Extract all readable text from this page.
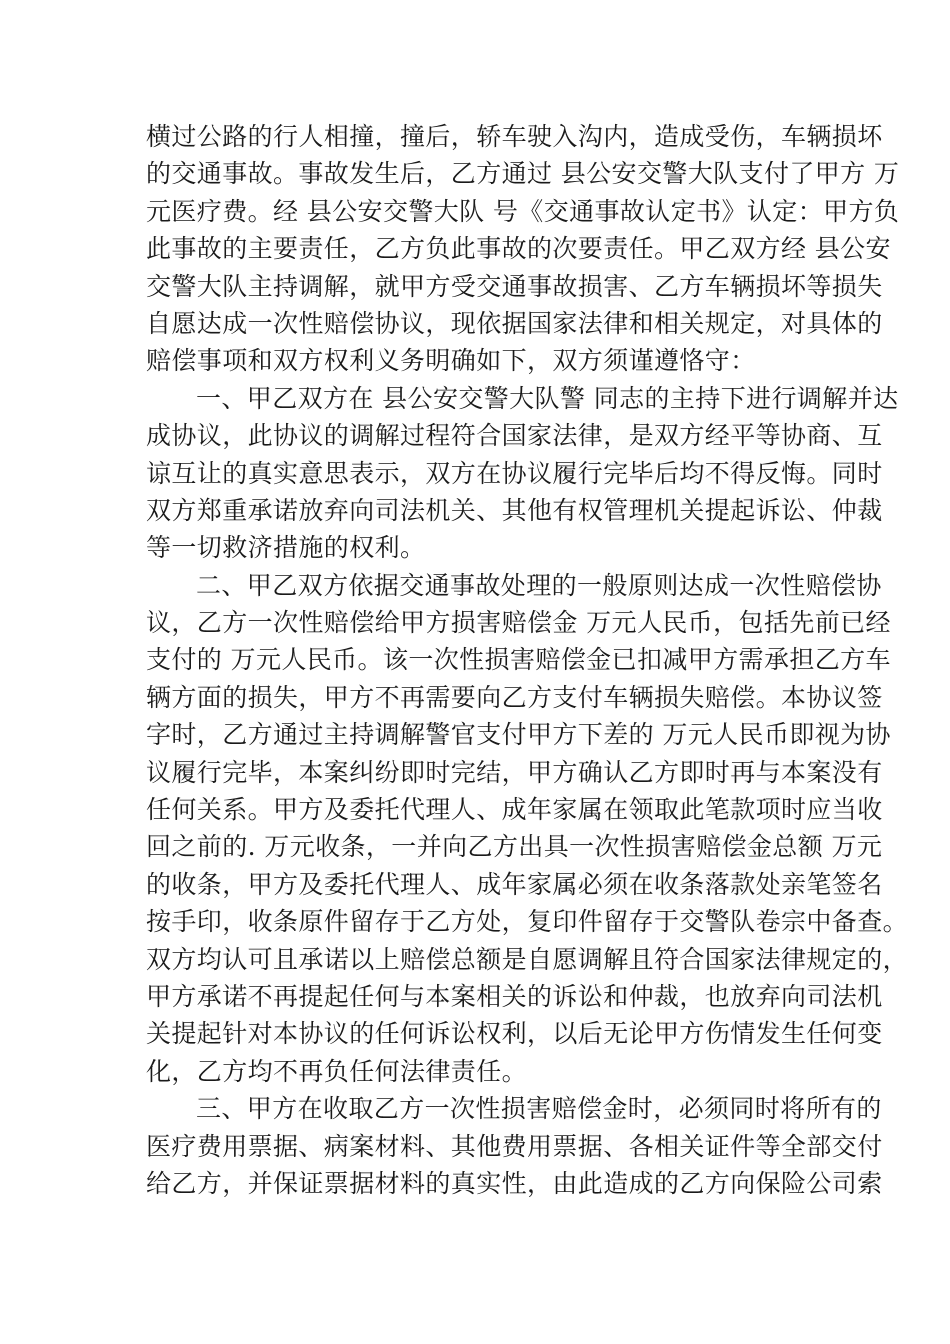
横过公路的行人相撞，撞后，轿车驶入沟内，造成受伤，车辆损坏
的交通事故。事故发生后，乙方通过 县公安交警大队支付了甲方 万
元医疗费。经 县公安交警大队 号《交通事故认定书》认定：甲方负
此事故的主要责任，乙方负此事故的次要责任。甲乙双方经 县公安
交警大队主持调解，就甲方受交通事故损害、乙方车辆损坏等损失
自愿达成一次性赔偿协议，现依据国家法律和相关规定，对具体的
赔偿事项和双方权利义务明确如下，双方须谨遵恪守：
一、甲乙双方在 县公安交警大队警 同志的主持下进行调解并达
成协议，此协议的调解过程符合国家法律，是双方经平等协商、互
谅互让的真实意思表示，双方在协议履行完毕后均不得反悔。同时
双方郑重承诺放弃向司法机关、其他有权管理机关提起诉讼、仲裁
等一切救济措施的权利。
二、甲乙双方依据交通事故处理的一般原则达成一次性赔偿协
议，乙方一次性赔偿给甲方损害赔偿金 万元人民币，包括先前已经
支付的 万元人民币。该一次性损害赔偿金已扣减甲方需承担乙方车
辆方面的损失，甲方不再需要向乙方支付车辆损失赔偿。本协议签
字时，乙方通过主持调解警官支付甲方下差的 万元人民币即视为协
议履行完毕，本案纠纷即时完结，甲方确认乙方即时再与本案没有
任何关系。甲方及委托代理人、成年家属在领取此笔款项时应当收
回之前的. 万元收条，一并向乙方出具一次性损害赔偿金总额 万元
的收条，甲方及委托代理人、成年家属必须在收条落款处亲笔签名
按手印，收条原件留存于乙方处，复印件留存于交警队卷宗中备查。
双方均认可且承诺以上赔偿总额是自愿调解且符合国家法律规定的，
甲方承诺不再提起任何与本案相关的诉讼和仲裁，也放弃向司法机
关提起针对本协议的任何诉讼权利，以后无论甲方伤情发生任何变
化，乙方均不再负任何法律责任。
三、甲方在收取乙方一次性损害赔偿金时，必须同时将所有的
医疗费用票据、病案材料、其他费用票据、各相关证件等全部交付
给乙方，并保证票据材料的真实性，由此造成的乙方向保险公司索
